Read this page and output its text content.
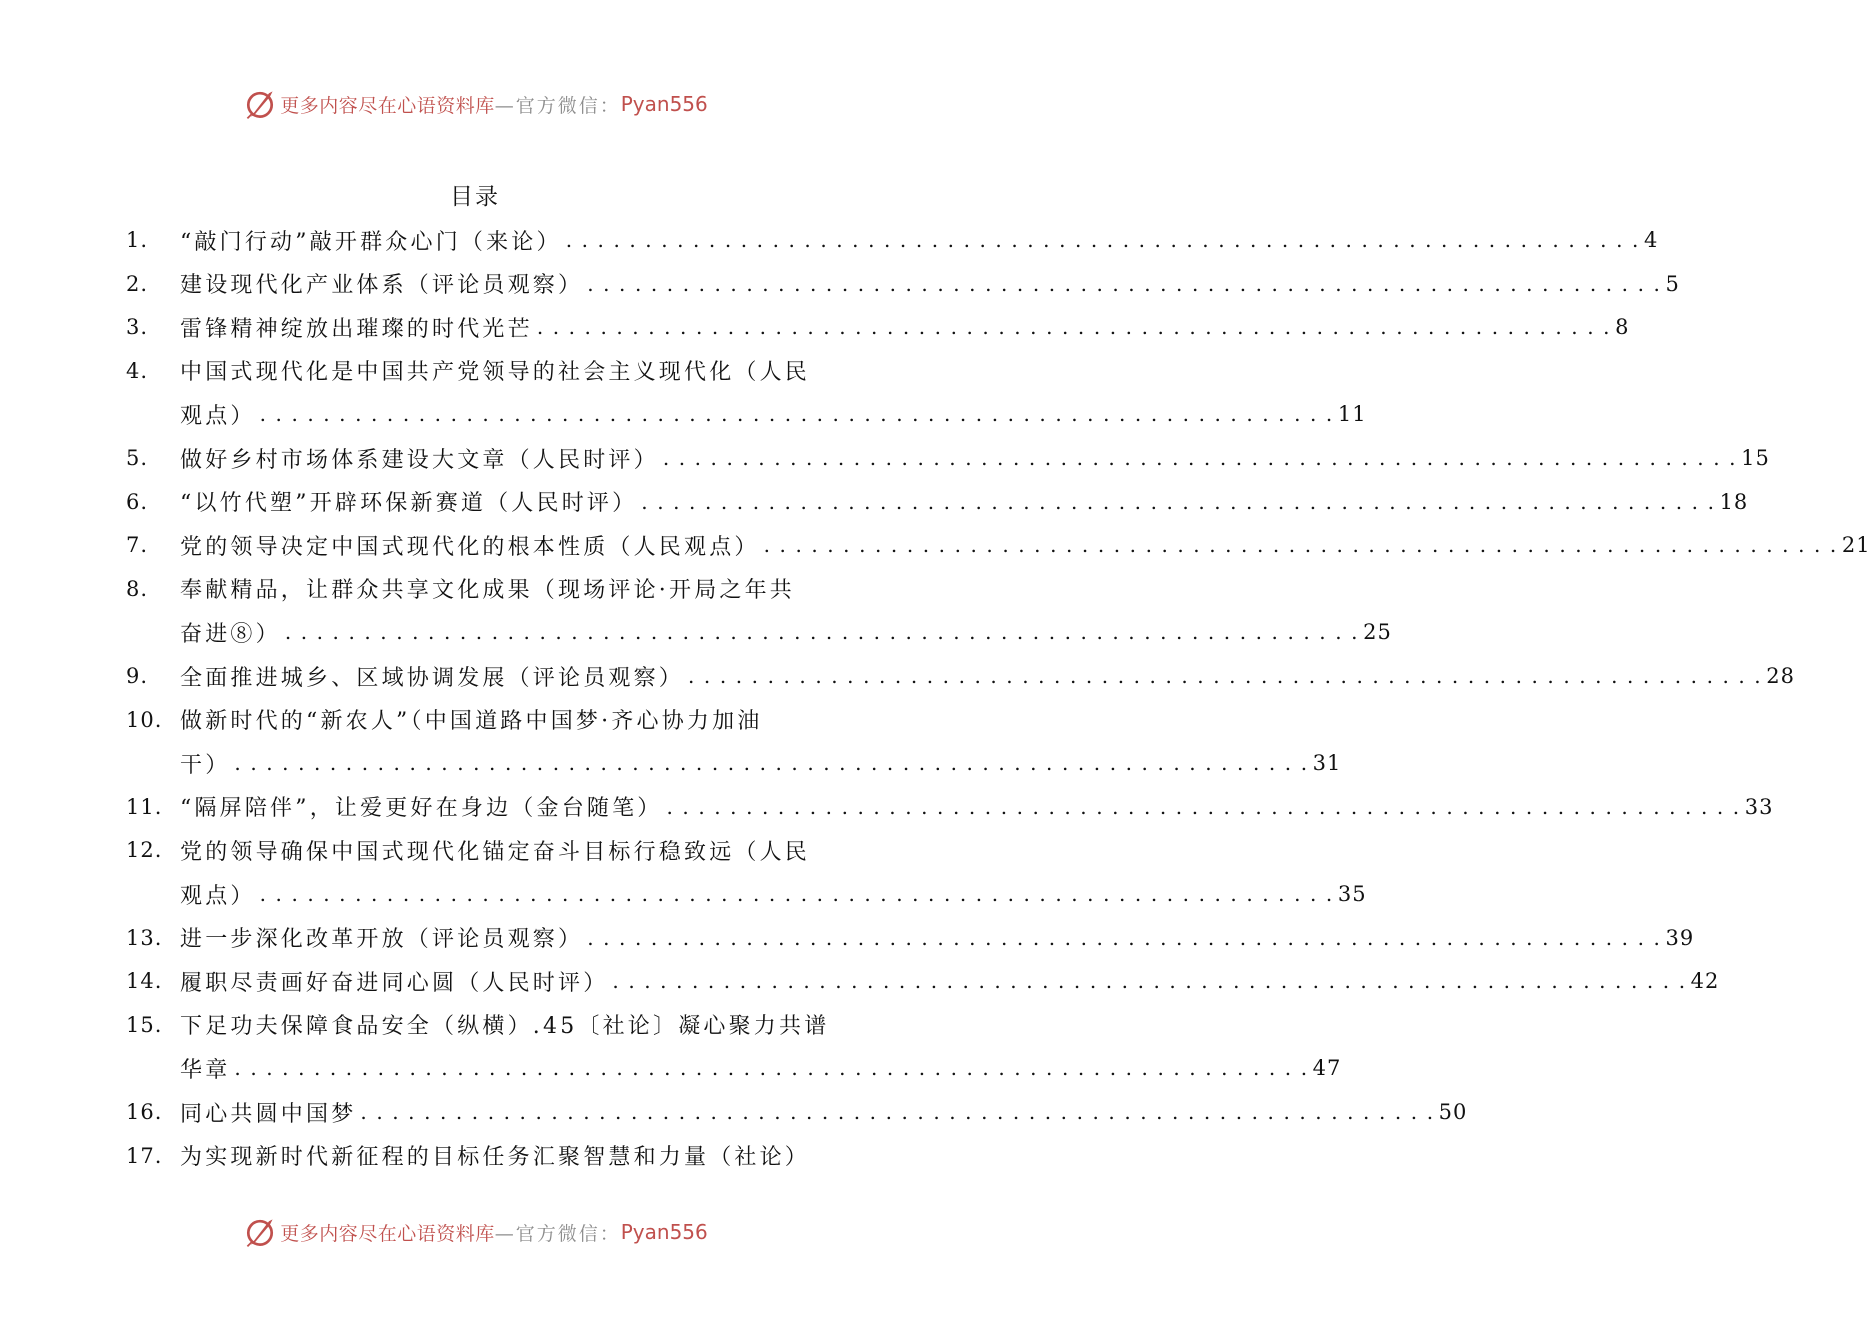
更多内容尽在心语资料库 —官方微信： Pyan556
目录
1. “敲门行动”敲开群众心门（来论） . . .	4
2. 建设现代化产业体系（评论员观察） . . .	5
3. 雷锋精神绽放出璀璨的时代光芒 . . .	8
4. 中国式现代化是中国共产党领导的社会主义现代化（人民
观点） . . .	11
5. 做好乡村市场体系建设大文章（人民时评） . . .	15
6. “以竹代塑”开辟环保新赛道（人民时评） . . .	18
7. 党的领导决定中国式现代化的根本性质（人民观点） . . .	21
8. 奉献精品，让群众共享文化成果（现场评论·开局之年共
奋进⑧） . . .	25
9. 全面推进城乡、区域协调发展（评论员观察） . . .	28
10. 做新时代的“新农人”（中国道路中国梦·齐心协力加油
干） . . .	31
11. “隔屏陪伴”，让爱更好在身边（金台随笔） . . .	33
12. 党的领导确保中国式现代化锚定奋斗目标行稳致远（人民
观点） . . .	35
13. 进一步深化改革开放（评论员观察） . . .	39
14. 履职尽责画好奋进同心圆（人民时评） . . .	42
15. 下足功夫保障食品安全（纵横）.45〔社论〕凝心聚力共谱
华章 . . .	47
16. 同心共圆中国梦 . . .	50
17. 为实现新时代新征程的目标任务汇聚智慧和力量（社论）
更多内容尽在心语资料库 —官方微信： Pyan556
